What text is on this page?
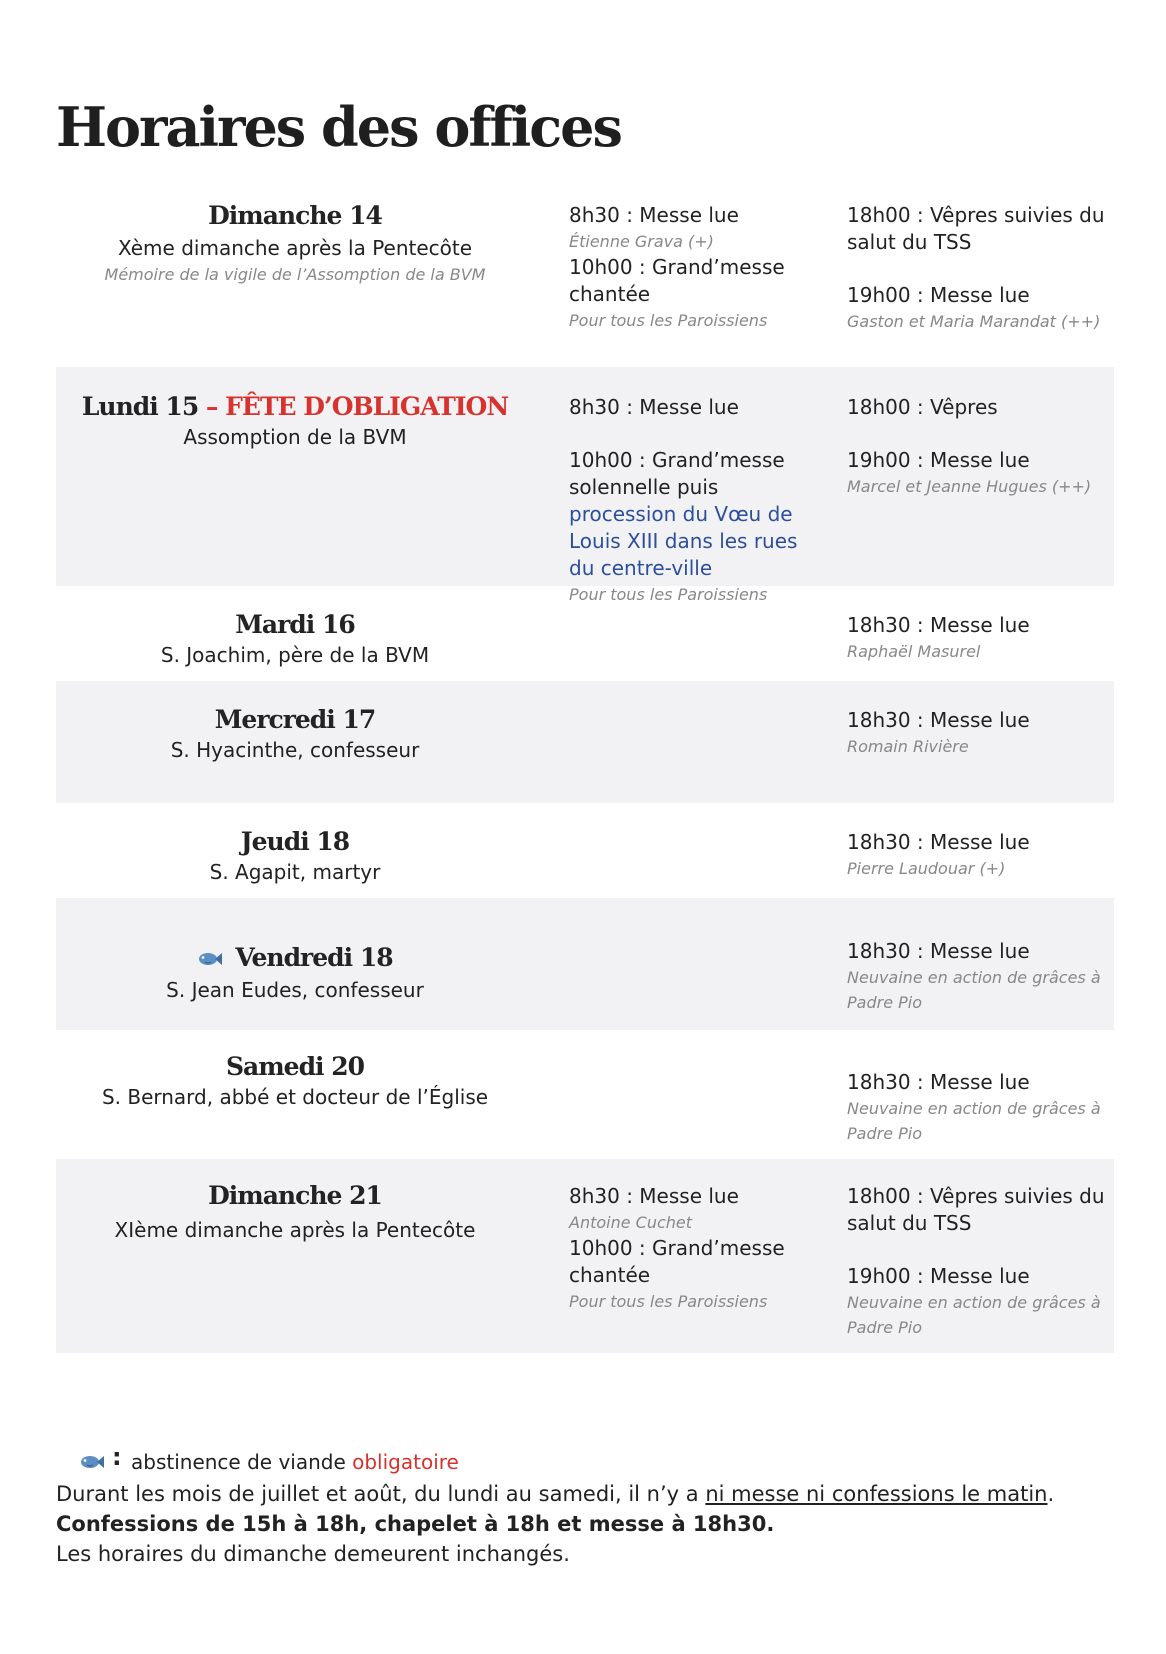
Horaires des offices
Dimanche 14
Xème dimanche après la Pentecôte
Mémoire de la vigile de l’Assomption de la BVM
8h30 : Messe lue
Étienne Grava (+)
10h00 : Grand’messe chantée
Pour tous les Paroissiens
18h00 : Vêpres suivies du salut du TSS
19h00 : Messe lue
Gaston et Maria Marandat (++)
Lundi 15 – FÊTE D’OBLIGATION
Assomption de la BVM
8h30 : Messe lue
10h00 : Grand’messe solennelle puis procession du Vœu de Louis XIII dans les rues du centre-ville
Pour tous les Paroissiens
18h00 : Vêpres
19h00 : Messe lue
Marcel et Jeanne Hugues (++)
Mardi 16
S. Joachim, père de la BVM
18h30 : Messe lue
Raphaël Masurel
Mercredi 17
S. Hyacinthe, confesseur
18h30 : Messe lue
Romain Rivière
Jeudi 18
S. Agapit, martyr
18h30 : Messe lue
Pierre Laudouar (+)
Vendredi 18
S. Jean Eudes, confesseur
18h30 : Messe lue
Neuvaine en action de grâces à Padre Pio
Samedi 20
S. Bernard, abbé et docteur de l’Église
18h30 : Messe lue
Neuvaine en action de grâces à Padre Pio
Dimanche 21
XIème dimanche après la Pentecôte
18h00 : Vêpres suivies du salut du TSS
19h00 : Messe lue
Neuvaine en action de grâces à Padre Pio
8h30 : Messe lue
Antoine Cuchet
10h00 : Grand’messe chantée
Pour tous les Paroissiens
: abstinence de viande obligatoire
Durant les mois de juillet et août, du lundi au samedi, il n’y a ni messe ni confessions le matin.
Confessions de 15h à 18h, chapelet à 18h et messe à 18h30.
Les horaires du dimanche demeurent inchangés.
